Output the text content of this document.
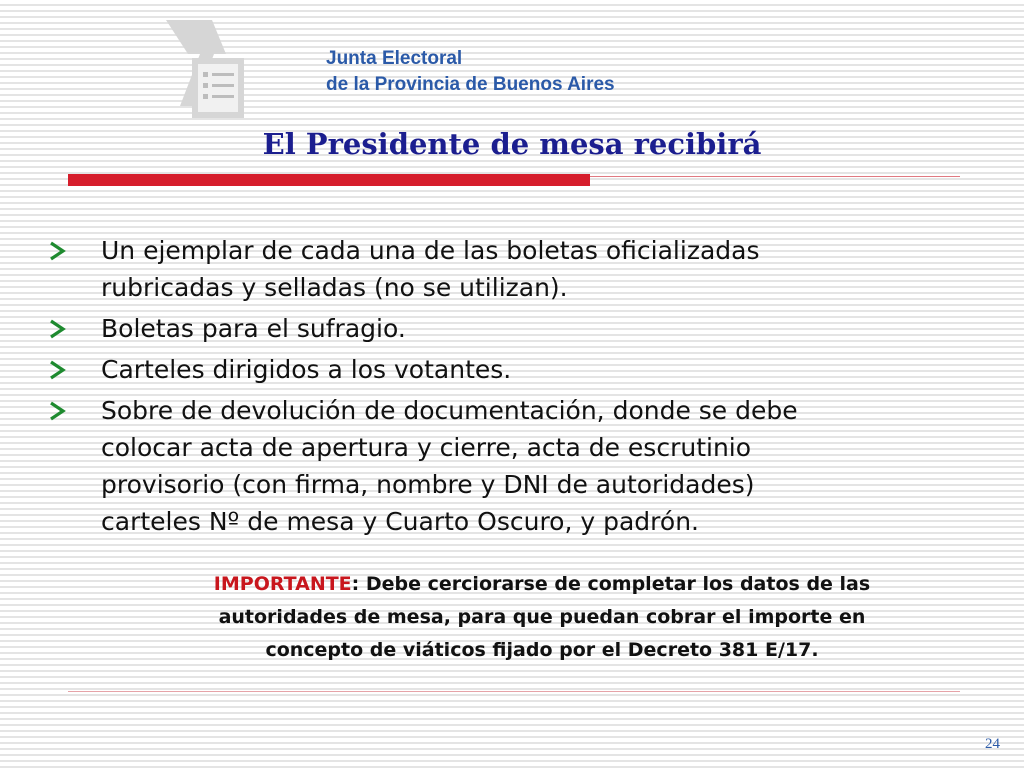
Junta Electoral
de la Provincia de Buenos Aires
El Presidente de mesa recibirá
Un ejemplar de cada una de las boletas oficializadas
rubricadas y selladas (no se utilizan).
Boletas para el sufragio.
Carteles dirigidos a los votantes.
Sobre de devolución de documentación, donde se debe
colocar acta de apertura y cierre, acta de escrutinio
provisorio (con firma, nombre y DNI de autoridades)
carteles Nº de mesa y Cuarto Oscuro, y padrón.
IMPORTANTE: Debe cerciorarse de completar los datos de las
autoridades de mesa, para que puedan cobrar el importe en
concepto de viáticos fijado por el Decreto 381 E/17.
24
